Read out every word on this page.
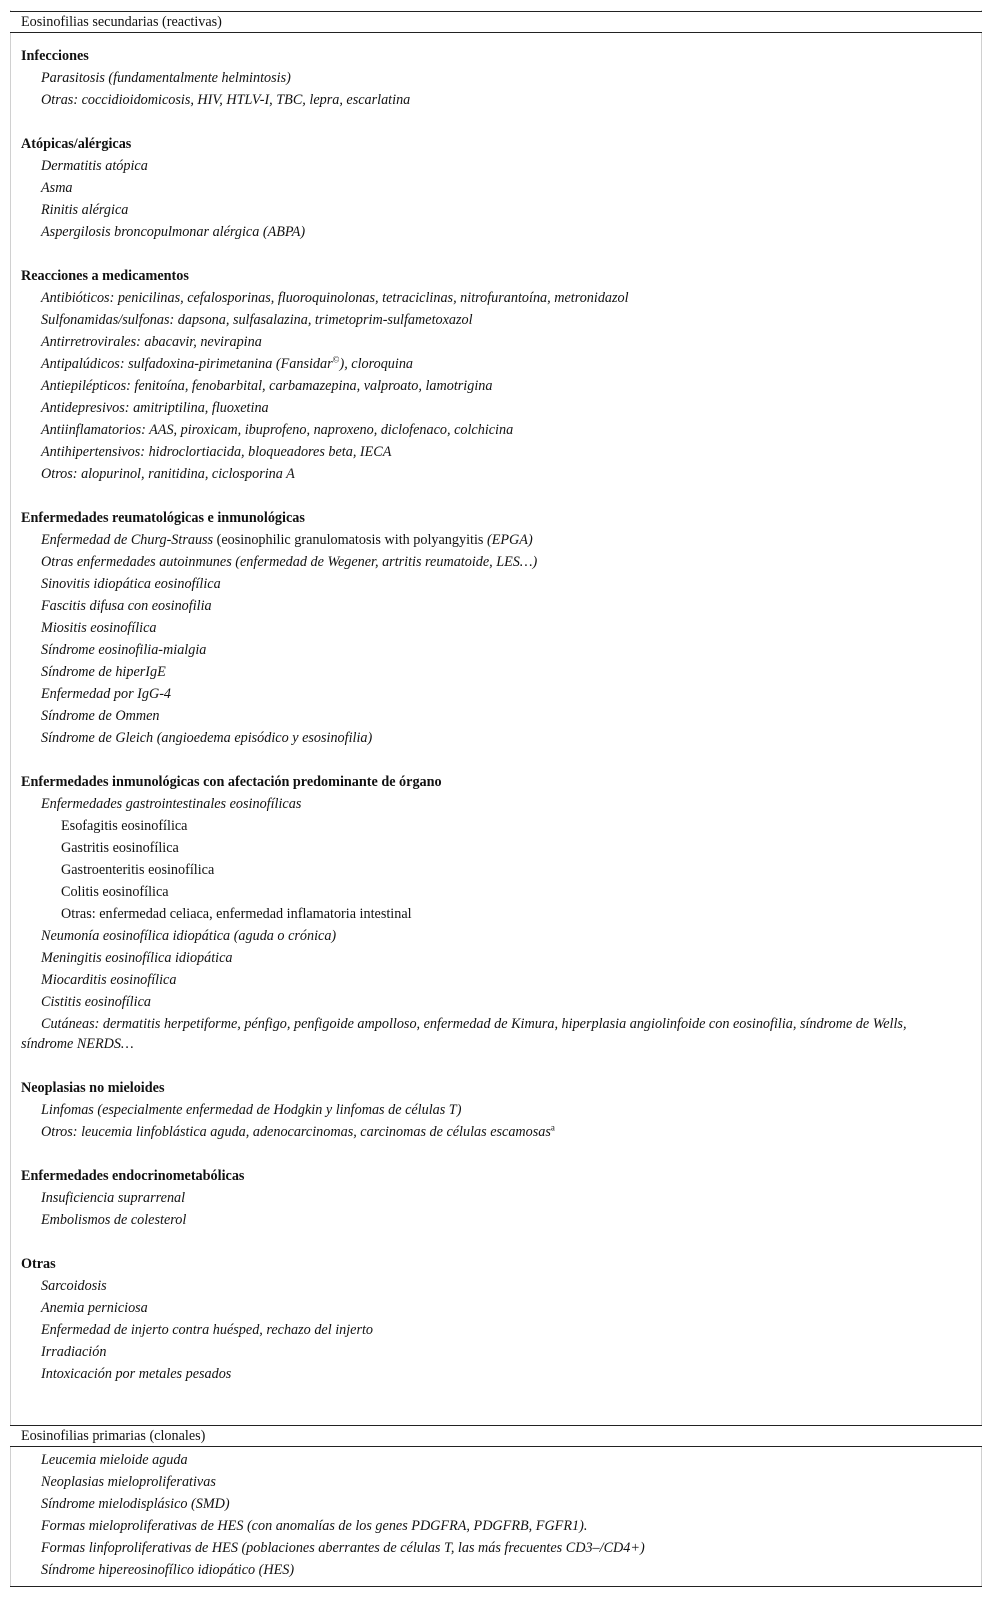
Eosinofilias secundarias (reactivas)
Infecciones
Parasitosis (fundamentalmente helmintosis)
Otras: coccidioidomicosis, HIV, HTLV-I, TBC, lepra, escarlatina
Atópicas/alérgicas
Dermatitis atópica
Asma
Rinitis alérgica
Aspergilosis broncopulmonar alérgica (ABPA)
Reacciones a medicamentos
Antibióticos: penicilinas, cefalosporinas, fluoroquinolonas, tetraciclinas, nitrofurantoína, metronidazol
Sulfonamidas/sulfonas: dapsona, sulfasalazina, trimetoprim-sulfametoxazol
Antirretrovirales: abacavir, nevirapina
Antipalúdicos: sulfadoxina-pirimetanina (Fansidar©), cloroquina
Antiepilépticos: fenitoína, fenobarbital, carbamazepina, valproato, lamotrigina
Antidepresivos: amitriptilina, fluoxetina
Antiinflamatorios: AAS, piroxicam, ibuprofeno, naproxeno, diclofenaco, colchicina
Antihipertensivos: hidroclortiacida, bloqueadores beta, IECA
Otros: alopurinol, ranitidina, ciclosporina A
Enfermedades reumatológicas e inmunológicas
Enfermedad de Churg-Strauss (eosinophilic granulomatosis with polyangyitis (EPGA)
Otras enfermedades autoinmunes (enfermedad de Wegener, artritis reumatoide, LES…)
Sinovitis idiopática eosinofílica
Fascitis difusa con eosinofilia
Miositis eosinofílica
Síndrome eosinofilia-mialgia
Síndrome de hiperIgE
Enfermedad por IgG-4
Síndrome de Ommen
Síndrome de Gleich (angioedema episódico y esosinofilia)
Enfermedades inmunológicas con afectación predominante de órgano
Enfermedades gastrointestinales eosinofílicas
Esofagitis eosinofílica
Gastritis eosinofílica
Gastroenteritis eosinofílica
Colitis eosinofílica
Otras: enfermedad celiaca, enfermedad inflamatoria intestinal
Neumonía eosinofílica idiopática (aguda o crónica)
Meningitis eosinofílica idiopática
Miocarditis eosinofílica
Cistitis eosinofílica
Cutáneas: dermatitis herpetiforme, pénfigo, penfigoide ampolloso, enfermedad de Kimura, hiperplasia angiolinfoide con eosinofilia, síndrome de Wells, síndrome NERDS…
Neoplasias no mieloides
Linfomas (especialmente enfermedad de Hodgkin y linfomas de células T)
Otros: leucemia linfoblástica aguda, adenocarcinomas, carcinomas de células escamosas$^a$
Enfermedades endocrinometabólicas
Insuficiencia suprarrenal
Embolismos de colesterol
Otras
Sarcoidosis
Anemia perniciosa
Enfermedad de injerto contra huésped, rechazo del injerto
Irradiación
Intoxicación por metales pesados
Eosinofilias primarias (clonales)
Leucemia mieloide aguda
Neoplasias mieloproliferativas
Síndrome mielodisplásico (SMD)
Formas mieloproliferativas de HES (con anomalías de los genes PDGFRA, PDGFRB, FGFR1).
Formas linfoproliferativas de HES (poblaciones aberrantes de células T, las más frecuentes CD3–/CD4+)
Síndrome hipereosinofílico idiopático (HES)
